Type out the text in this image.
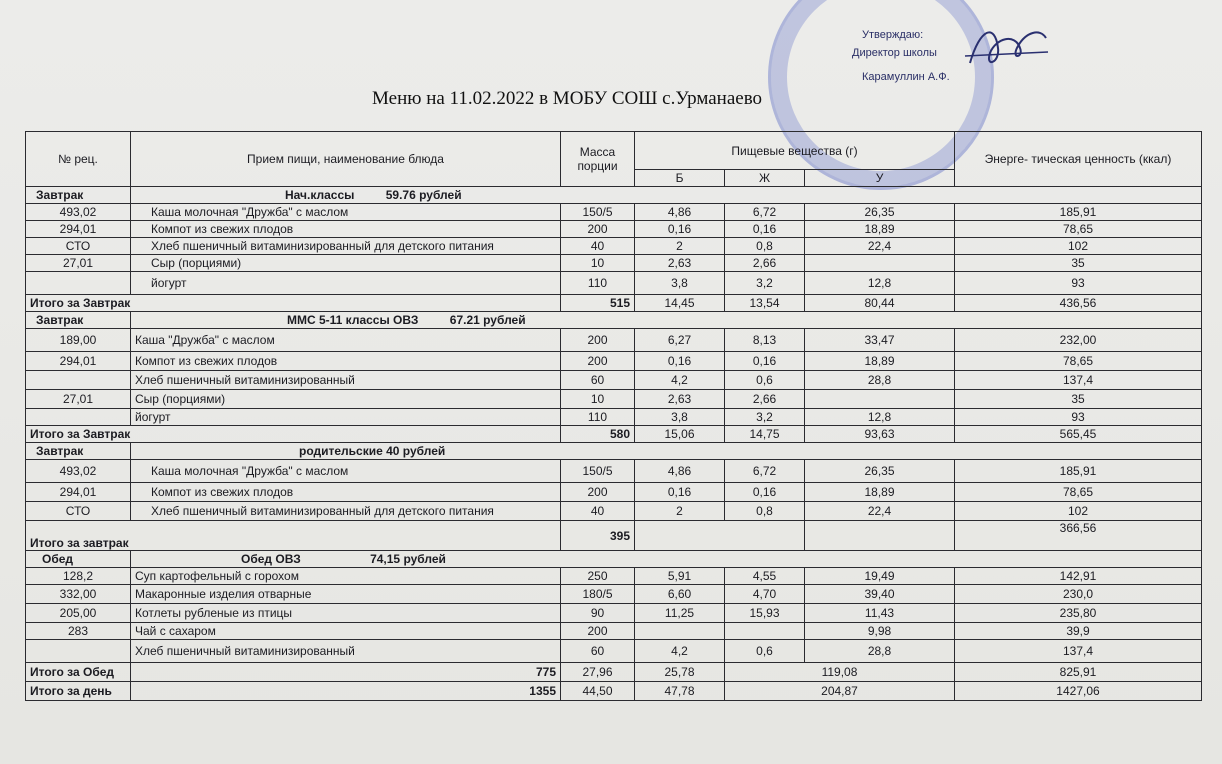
Утверждаю:
Директор школы
Карамуллин А.Ф.
Меню на 11.02.2022 в МОБУ СОШ с.Урманаево
№ рец.	Прием пищи, наименование блюда	Масса порции	Пищевые вещества (г)			Энерге- тическая ценность (ккал)
			Б	Ж	У	
Завтрак	Нач.классы 59.76 рублей					
493,02	Каша молочная "Дружба" с маслом	150/5	4,86	6,72	26,35	185,91
294,01	Компот из свежих плодов	200	0,16	0,16	18,89	78,65
СТО	Хлеб пшеничный витаминизированный для детского питания	40	2	0,8	22,4	102
27,01	Сыр (порциями)	10	2,63	2,66		35
	йогурт	110	3,8	3,2	12,8	93
Итого за Завтрак		515	14,45	13,54	80,44	436,56
Завтрак	ММС 5-11 классы ОВЗ 67.21 рублей					
189,00	Каша "Дружба" с маслом	200	6,27	8,13	33,47	232,00
294,01	Компот из свежих плодов	200	0,16	0,16	18,89	78,65
	Хлеб пшеничный витаминизированный	60	4,2	0,6	28,8	137,4
27,01	Сыр (порциями)	10	2,63	2,66		35
	йогурт	110	3,8	3,2	12,8	93
Итого за Завтрак		580	15,06	14,75	93,63	565,45
Завтрак	родительские 40 рублей					
493,02	Каша молочная "Дружба" с маслом	150/5	4,86	6,72	26,35	185,91
294,01	Компот из свежих плодов	200	0,16	0,16	18,89	78,65
СТО	Хлеб пшеничный витаминизированный для детского питания	40	2	0,8	22,4	102
Итого за завтрак		395				366,56
Обед	Обед ОВЗ 74,15 рублей					
128,2	Суп картофельный с горохом	250	5,91	4,55	19,49	142,91
332,00	Макаронные изделия отварные	180/5	6,60	4,70	39,40	230,0
205,00	Котлеты рубленые из птицы	90	11,25	15,93	11,43	235,80
283	Чай с сахаром	200			9,98	39,9
	Хлеб пшеничный витаминизированный	60	4,2	0,6	28,8	137,4
Итого за Обед	775	27,96	25,78	119,08		825,91
Итого за день	1355	44,50	47,78	204,87		1427,06
